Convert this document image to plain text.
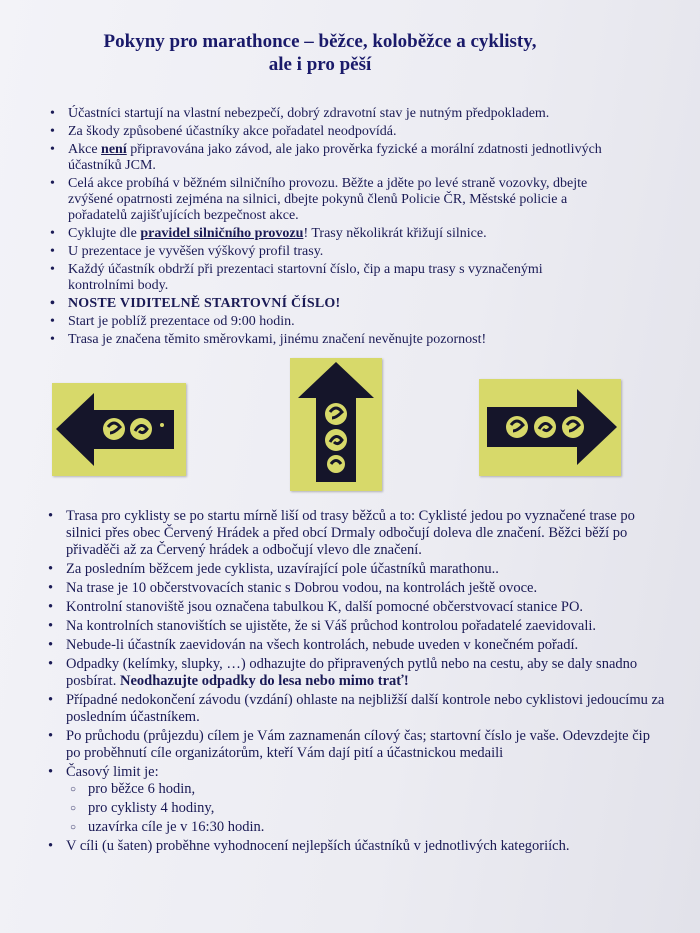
Pokyny pro marathonce – běžce, koloběžce a cyklisty,
ale i pro pěší
• Účastníci startují na vlastní nebezpečí, dobrý zdravotní stav je nutným předpokladem.
• Za škody způsobené účastníky akce pořadatel neodpovídá.
• Akce není připravována jako závod, ale jako prověrka fyzické a morální zdatnosti jednotlivých účastníků JCM.
• Celá akce probíhá v běžném silničního provozu. Běžte a jděte po levé straně vozovky, dbejte zvýšené opatrnosti zejména na silnici, dbejte pokynů členů Policie ČR, Městské policie a pořadatelů zajišťujících bezpečnost akce.
• Cyklujte dle pravidel silničního provozu! Trasy několikrát křižují silnice.
• U prezentace je vyvěšen výškový profil trasy.
• Každý účastník obdrží při prezentaci startovní číslo, čip a mapu trasy s vyznačenými kontrolními body.
• NOSTE VIDITELNĚ STARTOVNÍ ČÍSLO!
• Start je poblíž prezentace od 9:00 hodin.
• Trasa je značena těmito směrovkami, jinému značení nevěnujte pozornost!
• Trasa pro cyklisty se po startu mírně liší od trasy běžců a to: Cyklisté jedou po vyznačené trase po silnici přes obec Červený Hrádek a před obcí Drmaly odbočují doleva dle značení. Běžci běží po přivaděči až za Červený hrádek a odbočují vlevo dle značení.
• Za posledním běžcem jede cyklista, uzavírající pole účastníků marathonu..
• Na trase je 10 občerstvovacích stanic s Dobrou vodou, na kontrolách ještě ovoce.
• Kontrolní stanoviště jsou označena tabulkou K, další pomocné občerstvovací stanice PO.
• Na kontrolních stanovištích se ujistěte, že si Váš průchod kontrolou pořadatelé zaevidovali.
• Nebude-li účastník zaevidován na všech kontrolách, nebude uveden v konečném pořadí.
• Odpadky (kelímky, slupky, …) odhazujte do připravených pytlů nebo na cestu, aby se daly snadno posbírat. Neodhazujte odpadky do lesa nebo mimo trať!
• Případné nedokončení závodu (vzdání) ohlaste na nejbližší další kontrole nebo cyklistovi jedoucímu za posledním účastníkem.
• Po průchodu (průjezdu) cílem je Vám zaznamenán cílový čas; startovní číslo je vaše. Odevzdejte čip po proběhnutí cíle organizátorům, kteří Vám dají pití a účastnickou medaili
• Časový limit je:
○ pro běžce 6 hodin,
○ pro cyklisty 4 hodiny,
○ uzavírka cíle je v 16:30 hodin.
• V cíli (u šaten) proběhne vyhodnocení nejlepších účastníků v jednotlivých kategoriích.
